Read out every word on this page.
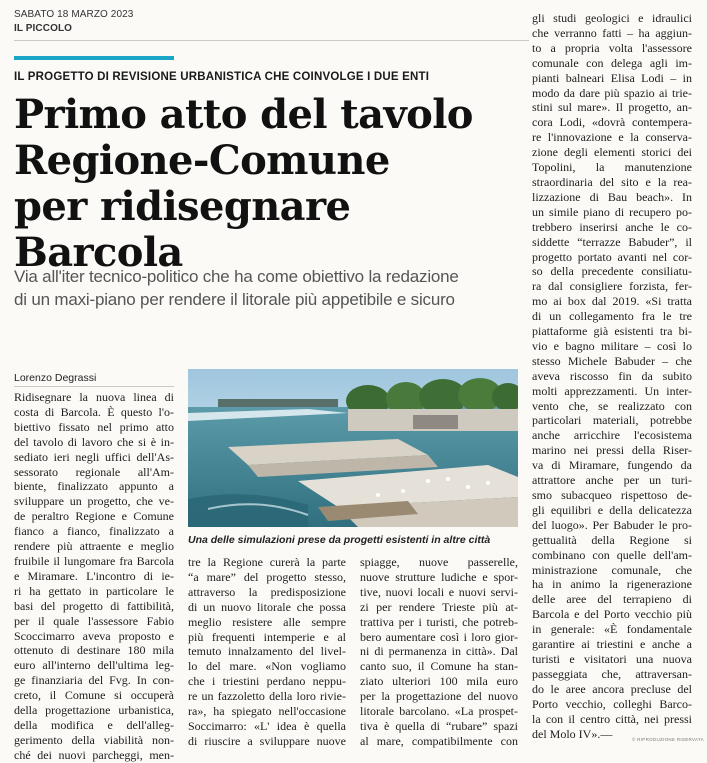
SABATO 18 MARZO 2023
IL PICCOLO
IL PROGETTO DI REVISIONE URBANISTICA CHE COINVOLGE I DUE ENTI
Primo atto del tavolo
Regione-Comune
per ridisegnare Barcola
Via all'iter tecnico-politico che ha come obiettivo la redazione
di un maxi-piano per rendere il litorale più appetibile e sicuro
Lorenzo Degrassi
Una delle simulazioni prese da progetti esistenti in altre città
Ridisegnare la nuova linea di
costa di Barcola. È questo l'o-
biettivo fissato nel primo atto
del tavolo di lavoro che si è in-
sediato ieri negli uffici dell'As-
sessorato regionale all'Am-
biente, finalizzato appunto a
sviluppare un progetto, che ve-
de peraltro Regione e Comune
fianco a fianco, finalizzato a
rendere più attraente e meglio
fruibile il lungomare fra Barcola
e Miramare. L'incontro di ie-
ri ha gettato in particolare le
basi del progetto di fattibilità,
per il quale l'assessore Fabio
Scoccimarro aveva proposto e
ottenuto di destinare 180 mila
euro all'interno dell'ultima leg-
ge finanziaria del Fvg. In con-
creto, il Comune si occuperà
della progettazione urbanistica,
della modifica e dell'alleg-
gerimento della viabilità non-
ché dei nuovi parcheggi, men-
tre la Regione curerà la parte
“a mare” del progetto stesso,
attraverso la predisposizione
di un nuovo litorale che possa
meglio resistere alle sempre
più frequenti intemperie e al
temuto innalzamento del livel-
lo del mare. «Non vogliamo
che i triestini perdano neppu-
re un fazzoletto della loro rivie-
ra», ha spiegato nell'occasione
Soccimarro: «L' idea è quella
di riuscire a sviluppare nuove
spiagge, nuove passerelle,
nuove strutture ludiche e spor-
tive, nuovi locali e nuovi servi-
zi per rendere Trieste più at-
trattiva per i turisti, che potreb-
bero aumentare così i loro gior-
ni di permanenza in città». Dal
canto suo, il Comune ha stan-
ziato ulteriori 100 mila euro
per la progettazione del nuovo
litorale barcolano. «La prospet-
tiva è quella di “rubare” spazi
al mare, compatibilmente con
gli studi geologici e idraulici
che verranno fatti – ha aggiun-
to a propria volta l'assessore
comunale con delega agli im-
pianti balneari Elisa Lodi – in
modo da dare più spazio ai trie-
stini sul mare». Il progetto, an-
cora Lodi, «dovrà contempera-
re l'innovazione e la conserva-
zione degli elementi storici dei
Topolini, la manutenzione
straordinaria del sito e la rea-
lizzazione di Bau beach». In
un simile piano di recupero po-
trebbero inserirsi anche le co-
siddette “terrazze Babuder”, il
progetto portato avanti nel cor-
so della precedente consiliatu-
ra dal consigliere forzista, fer-
mo ai box dal 2019. «Si tratta
di un collegamento fra le tre
piattaforme già esistenti tra bi-
vio e bagno militare – così lo
stesso Michele Babuder – che
aveva riscosso fin da subito
molti apprezzamenti. Un inter-
vento che, se realizzato con
particolari materiali, potrebbe
anche arricchire l'ecosistema
marino nei pressi della Riser-
va di Miramare, fungendo da
attrattore anche per un turi-
smo subacqueo rispettoso de-
gli equilibri e della delicatezza
del luogo». Per Babuder le pro-
gettualità della Regione si
combinano con quelle dell'am-
ministrazione comunale, che
ha in animo la rigenerazione
delle aree del terrapieno di
Barcola e del Porto vecchio più
in generale: «È fondamentale
garantire ai triestini e anche a
turisti e visitatori una nuova
passeggiata che, attraversan-
do le aree ancora precluse del
Porto vecchio, colleghi Barco-
la con il centro città, nei pressi
del Molo IV».—	© RIPRODUZIONE RISERVATA
